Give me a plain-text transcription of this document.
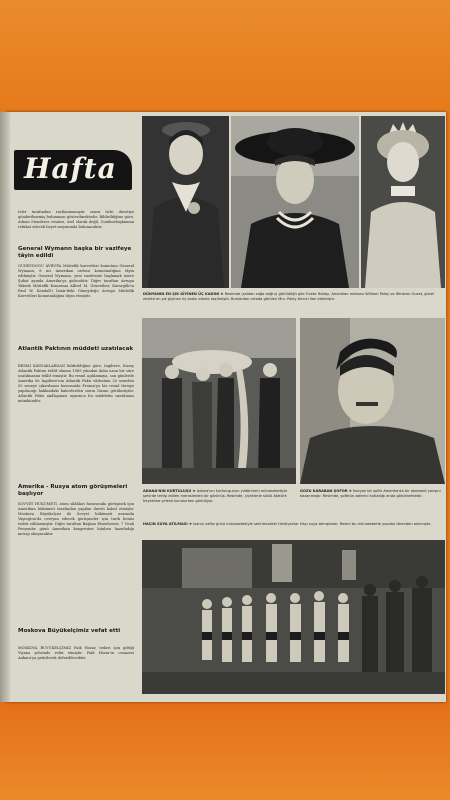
Hafta
teler tarafından rastlanmamıştır sonra tichi davetiye gönderilmemiş bulunması gösterilmektedir. Bildirildiğine göre, Adnan Menderes vesaire, özel olarak değil, Cumhurbaşkanına refakat edecek heyet meyanında bulunacaktır.
General Wymann başka bir vazifeye tâyin edildi
GÜNEYDOĞU AVRUPA Müttefik kuvvetleri komutanı General Wymann, 8 nci Amerikan ordusu komutanlığına tâyin edilmiştir. General Wymann, yeni vazifesine başlamak üzere Şubat ayında Amerika'ya gidecektir. Diğer taraftan Avrupa Yüksek Müttefik Komutanı Alfred M. Gruenther, Karargâh'ta Paul W. Kendall'ı İzmir'deki Güneydoğu Avrupa Müttefik Kuvvetleri Komutanlığına tâyin etmiştir.
Atlantik Paktının müddeti uzatılacak
RESMÎ KAYNAKLARDAN bildirildiğine göre, İngiltere, Kuzey Atlantik Paktını teklif olunan 1969 yılından daha uzun bir süre uzatılmasını teklif etmiştir. Bu resmî açıklamaya, son günlerde Amerika ile İngiltere'nin Atlantik Paktı vâdesinin 20 seneden 50 seneye çıkarılması hususunda Fransa'ya bir resmî tâvsiye yapılacağı hakkındaki haberlerden sonra lüzum görülmüştür. Atlantik Paktı andlaşması uyarınca bu müddetin uzatılması mümkündür.
Amerika - Rusya atom görüşmeleri başlıyor
SOVYET HÜKÜMETİ, atom silâhları hususunda görüşmek için Amerikan hükümeti tarafından yapılan daveti kabul etmiştir. Moskova Büyükelçisi ile Sovyet hükümeti arasında Vaşington'da cereyan edecek görüşmeler için tarih henüz tesbit edilmemiştir. Diğer taraftan Başkan Eisenhower, 7 Ocak Perşembe günü Amerikan kongresine hitaben hazırladığı mesajı okuyacaktır.
Moskova Büyükelçimiz vefat etti
MOSKOVA BÜYÜKELÇİMİZ Faik Hozar, tedavi için gittiği Viyana şehrinde vefat etmiştir. Faik Hozar'ın cenazesi Ankara'ya getirilerek defnedilecektir.
DÜNYANIN EN ŞIK GİYİNEN ÜÇ KADINI ★ Resimde (soldan sağa doğru) görüldüğü gibi Oveta Hobby, Amerikan mebusu William Paley ve Winston Guest, güzel zevkte en şık giyinen üç kadın olarak seçilmiştir. Bunlardan ortada görülen Mrs. Paley birinci ilan edilmiştir.
ADANA'NIN KURTULUŞU ★ Adana'nın kurtuluşunun yıldönümü münasebetiyle şehirde tertip edilen merasimden bir görünüş. Resimde, çiçeklerle süslü Atatürk heykeline çelenk konulurken görülüyor.
GÖZÜ KARABAN ŞOFÖR ★ Konyalı bir şoför Amerika'da bir otomobil yarışını kazanmıştır. Resimde, şoförün zaferini kutladığı anda görülmektedir.
HAÇIN SUYA ATILMASI ★ İsanın vaftiz günü münasebetiyle şehrimizdeki Hristiyanlar Haçı suya atmışlardır. Resim bu münasebetle yapılan törenden alınmıştır.
